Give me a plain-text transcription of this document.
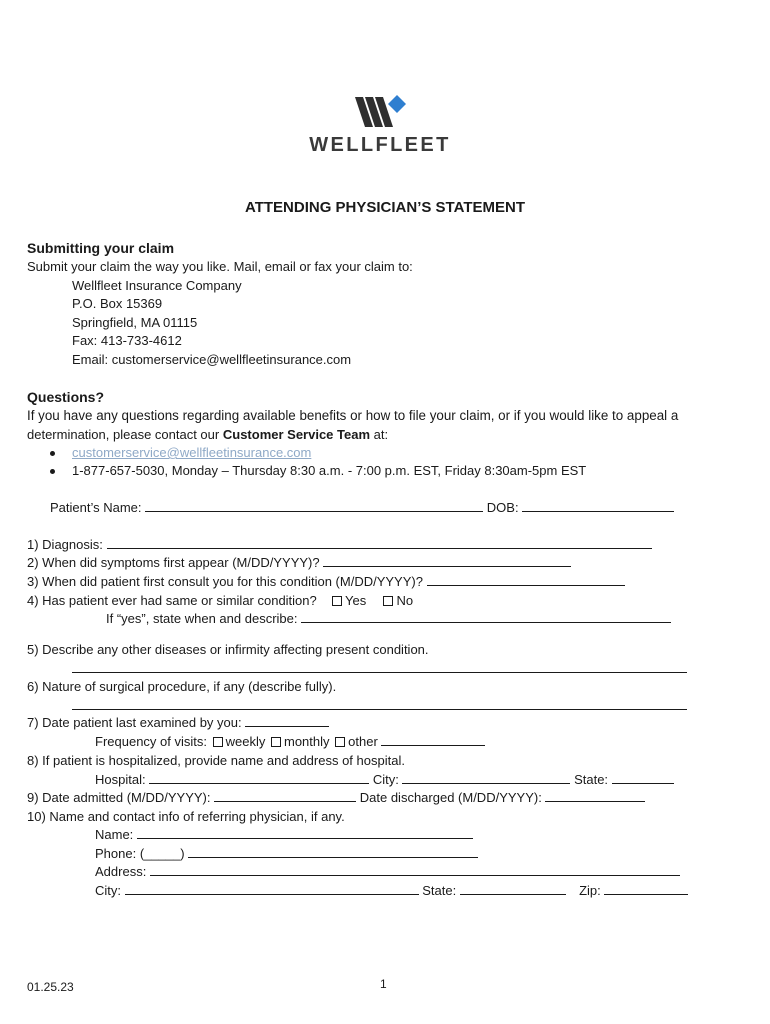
WELLFLEET
ATTENDING PHYSICIAN’S STATEMENT
Submitting your claim
Submit your claim the way you like. Mail, email or fax your claim to:
Wellfleet Insurance Company
P.O. Box 15369
Springfield, MA 01115
Fax: 413-733-4612
Email: customerservice@wellfleetinsurance.com
Questions?
If you have any questions regarding available benefits or how to file your claim, or if you would like to appeal a
determination, please contact our Customer Service Team at:
customerservice@wellfleetinsurance.com
1-877-657-5030, Monday – Thursday 8:30 a.m. - 7:00 p.m. EST, Friday 8:30am-5pm EST
Patient’s Name:	DOB:
1) Diagnosis:
2) When did symptoms first appear (M/DD/YYYY)?
3) When did patient first consult you for this condition (M/DD/YYYY)?
4) Has patient ever had same or similar condition? Yes No
If “yes”, state when and describe:
5) Describe any other diseases or infirmity affecting present condition.
6) Nature of surgical procedure, if any (describe fully).
7) Date patient last examined by you:
Frequency of visits: weekly monthly other
8) If patient is hospitalized, provide name and address of hospital.
Hospital:	City:	State:
9) Date admitted (M/DD/YYYY):	Date discharged (M/DD/YYYY):
10) Name and contact info of referring physician, if any.
Name:
Phone: (_____)
Address:
City:	State:	Zip:
01.25.23	1
